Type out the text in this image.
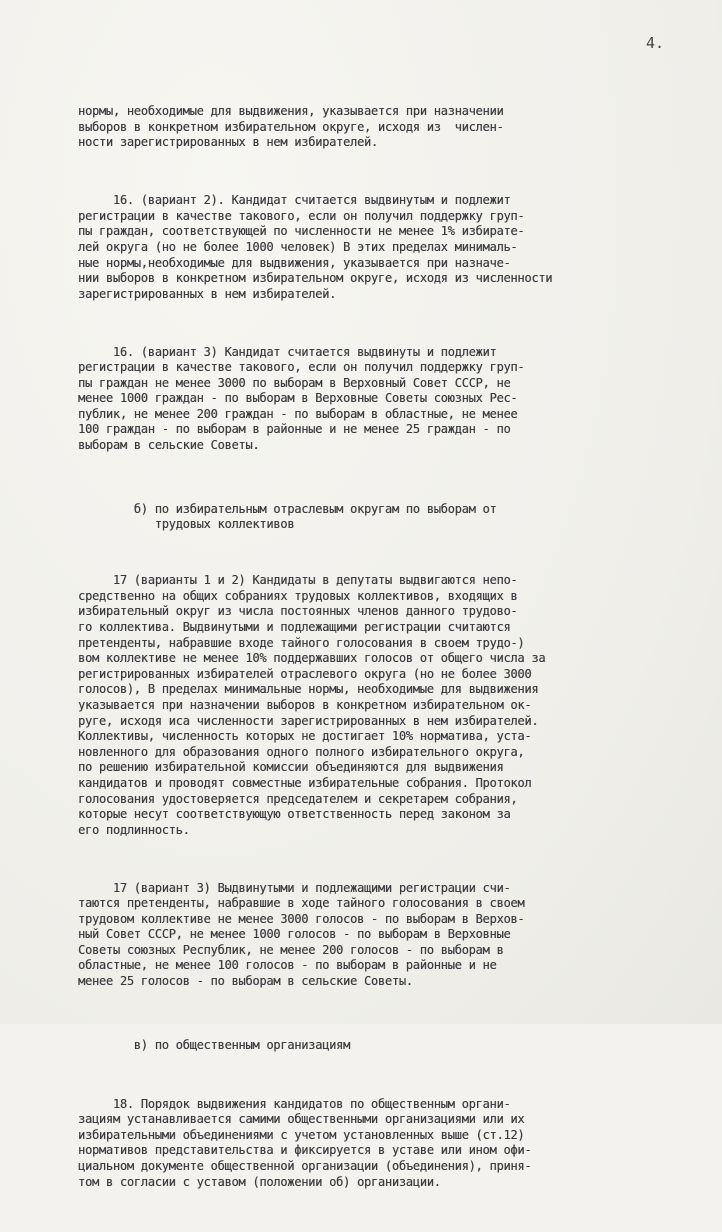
4.

нормы, необходимые для выдвижения, указывается при назначении
выборов в конкретном избирательном округе, исходя из  числен-
ности зарегистрированных в нем избирателей.

16. (вариант 2). Кандидат считается выдвинутым и подлежит
регистрации в качестве такового, если он получил поддержку груп-
пы граждан, соответствующей по численности не менее 1% избирате-
лей округа (но не более 1000 человек) В этих пределах минималь-
ные нормы,необходимые для выдвижения, указывается при назначе-
нии выборов в конкретном избирательном округе, исходя из численности
зарегистрированных в нем избирателей.

16. (вариант 3) Кандидат считается выдвинуты и подлежит
регистрации в качестве такового, если он получил поддержку груп-
пы граждан не менее 3000 по выборам в Верховный Совет СССР, не
менее 1000 граждан - по выборам в Верховные Советы союзных Рес-
публик, не менее 200 граждан - по выборам в областные, не менее
100 граждан - по выборам в районные и не менее 25 граждан - по
выборам в сельские Советы.

б) по избирательным отраслевым округам по выборам от
трудовых коллективов

17 (варианты 1 и 2) Кандидаты в депутаты выдвигаются непо-
средственно на общих собраниях трудовых коллективов, входящих в
избирательный округ из числа постоянных членов данного трудово-
го коллектива. Выдвинутыми и подлежащими регистрации считаются
претенденты, набравшие входе тайного голосования в своем трудо-)
вом коллективе не менее 10% поддержавших голосов от общего числа за
регистрированных избирателей отраслевого округа (но не более 3000
голосов), В пределах минимальные нормы, необходимые для выдвижения
указывается при назначении выборов в конкретном избирательном ок-
руге, исходя иса численности зарегистрированных в нем избирателей.
Коллективы, численность которых не достигает 10% норматива, уста-
новленного для образования одного полного избирательного округа,
по решению избирательной комиссии объединяются для выдвижения
кандидатов и проводят совместные избирательные собрания. Протокол
голосования удостоверяется председателем и секретарем собрания,
которые несут соответствующую ответственность перед законом за
его подлинность.

17 (вариант 3) Выдвинутыми и подлежащими регистрации счи-
таются претенденты, набравшие в ходе тайного голосования в своем
трудовом коллективе не менее 3000 голосов - по выборам в Верхов-
ный Совет СССР, не менее 1000 голосов - по выборам в Верховные
Советы союзных Республик, не менее 200 голосов - по выборам в
областные, не менее 100 голосов - по выборам в районные и не
менее 25 голосов - по выборам в сельские Советы.

в) по общественным организациям

18. Порядок выдвижения кандидатов по общественным органи-
зациям устанавливается самими общественными организациями или их
избирательными объединениями с учетом установленных выше (ст.12)
нормативов представительства и фиксируется в уставе или ином офи-
циальном документе общественной организации (объединения), приня-
том в согласии с уставом (положении об) организации.
